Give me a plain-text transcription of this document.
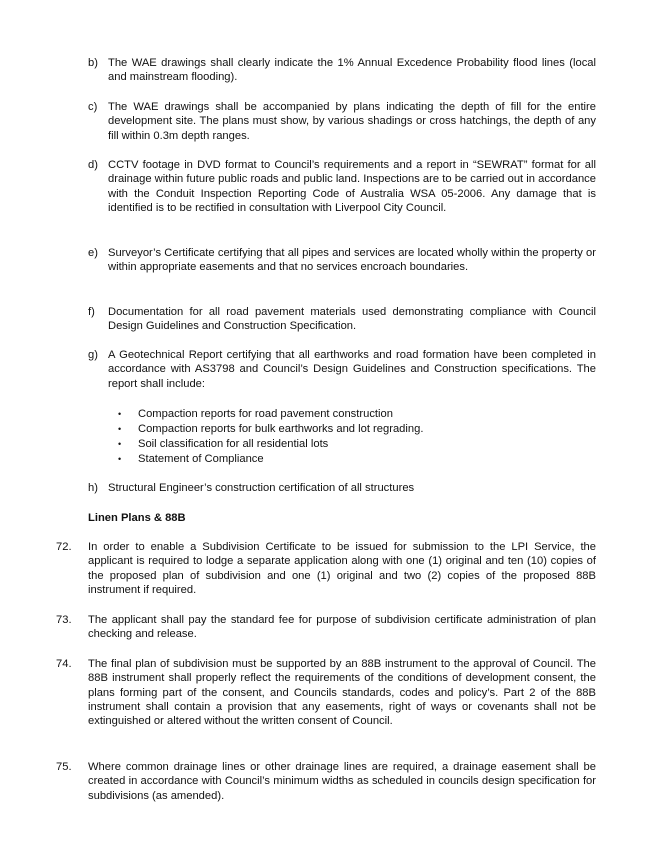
b) The WAE drawings shall clearly indicate the 1% Annual Excedence Probability flood lines (local and mainstream flooding).
c) The WAE drawings shall be accompanied by plans indicating the depth of fill for the entire development site. The plans must show, by various shadings or cross hatchings, the depth of any fill within 0.3m depth ranges.
d) CCTV footage in DVD format to Council’s requirements and a report in “SEWRAT” format for all drainage within future public roads and public land. Inspections are to be carried out in accordance with the Conduit Inspection Reporting Code of Australia WSA 05-2006. Any damage that is identified is to be rectified in consultation with Liverpool City Council.
e) Surveyor’s Certificate certifying that all pipes and services are located wholly within the property or within appropriate easements and that no services encroach boundaries.
f) Documentation for all road pavement materials used demonstrating compliance with Council Design Guidelines and Construction Specification.
g) A Geotechnical Report certifying that all earthworks and road formation have been completed in accordance with AS3798 and Council’s Design Guidelines and Construction specifications. The report shall include:
• Compaction reports for road pavement construction
• Compaction reports for bulk earthworks and lot regrading.
• Soil classification for all residential lots
• Statement of Compliance
h) Structural Engineer’s construction certification of all structures
Linen Plans & 88B
72. In order to enable a Subdivision Certificate to be issued for submission to the LPI Service, the applicant is required to lodge a separate application along with one (1) original and ten (10) copies of the proposed plan of subdivision and one (1) original and two (2) copies of the proposed 88B instrument if required.
73. The applicant shall pay the standard fee for purpose of subdivision certificate administration of plan checking and release.
74. The final plan of subdivision must be supported by an 88B instrument to the approval of Council. The 88B instrument shall properly reflect the requirements of the conditions of development consent, the plans forming part of the consent, and Councils standards, codes and policy’s. Part 2 of the 88B instrument shall contain a provision that any easements, right of ways or covenants shall not be extinguished or altered without the written consent of Council.
75. Where common drainage lines or other drainage lines are required, a drainage easement shall be created in accordance with Council’s minimum widths as scheduled in councils design specification for subdivisions (as amended).
